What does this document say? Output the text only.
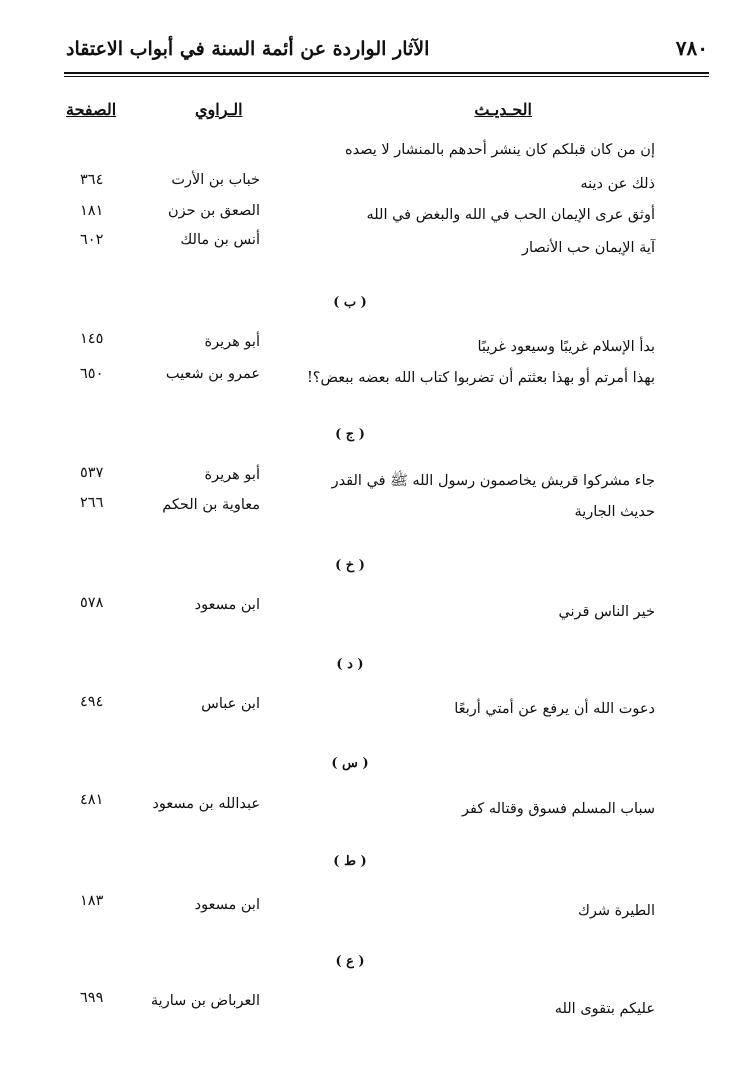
٧٨٠
الآثار الواردة عن أئمة السنة في أبواب الاعتقاد
الحـديـث
الـراوي
الصفحة
إن من كان قبلكم كان ينشر أحدهم بالمنشار لا يصده
ذلك عن دينه
خباب بن الأرت
٣٦٤
أوثق عرى الإيمان الحب في الله والبغض في الله
الصعق بن حزن
١٨١
آية الإيمان حب الأنصار
أنس بن مالك
٦٠٢
( ب )
بدأ الإسلام غريبًا وسيعود غريبًا
أبو هريرة
١٤٥
بهذا أمرتم أو بهذا بعثتم أن تضربوا كتاب الله بعضه ببعض؟!
عمرو بن شعيب
٦٥٠
( ج )
جاء مشركوا قريش يخاصمون رسول الله ﷺ في القدر
أبو هريرة
٥٣٧
حديث الجارية
معاوية بن الحكم
٢٦٦
( خ )
خير الناس قرني
ابن مسعود
٥٧٨
( د )
دعوت الله أن يرفع عن أمتي أربعًا
ابن عباس
٤٩٤
( س )
سباب المسلم فسوق وقتاله كفر
عبدالله بن مسعود
٤٨١
( ط )
الطيرة شرك
ابن مسعود
١٨٣
( ع )
عليكم بتقوى الله
العرباض بن سارية
٦٩٩
